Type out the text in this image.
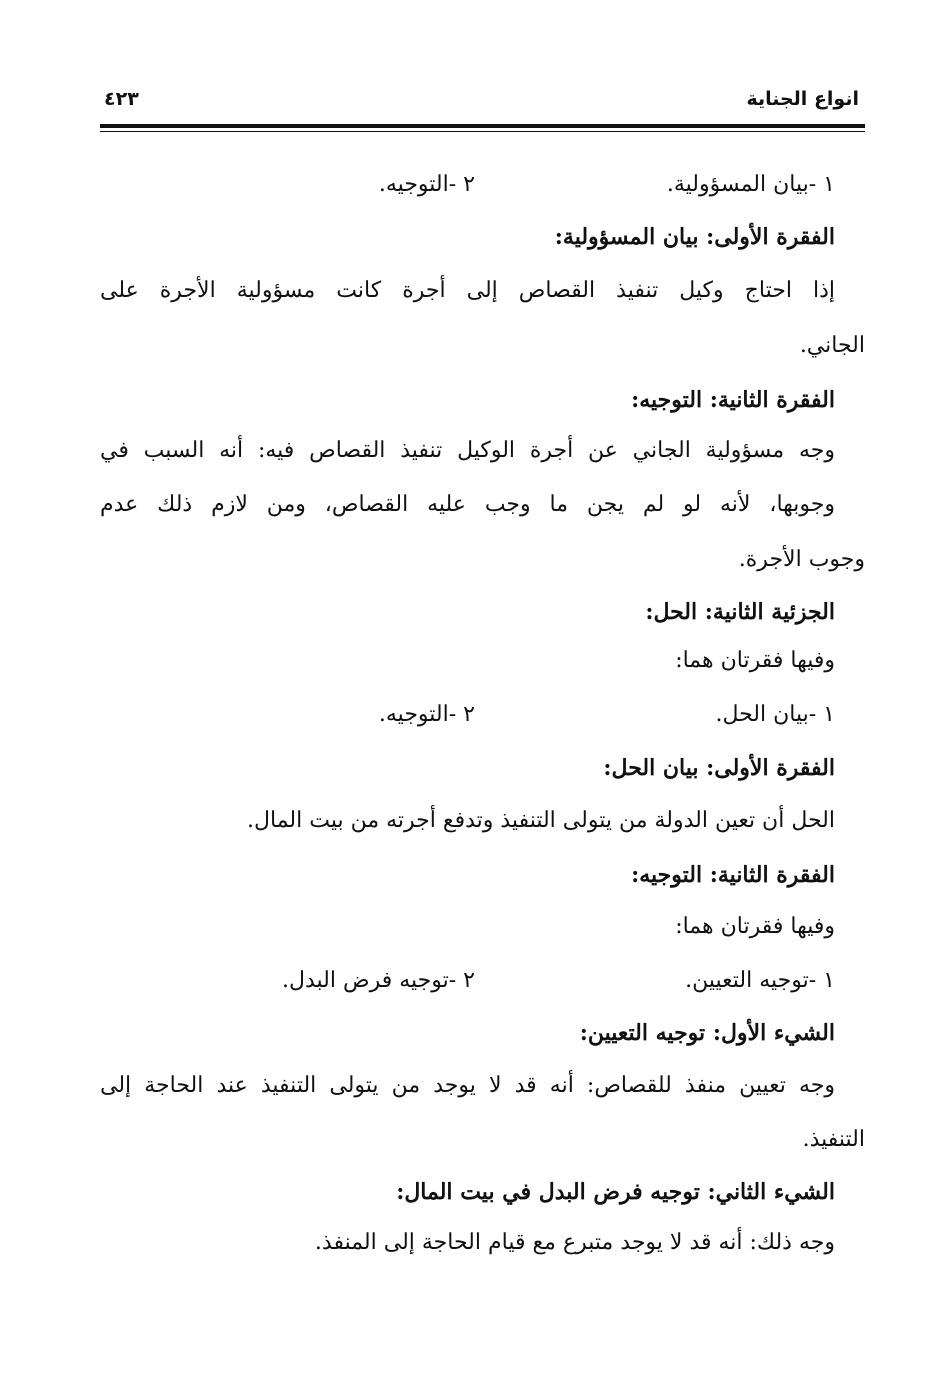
انواع الجناية
٤٢٣
١ -بيان المسؤولية.
٢ -التوجيه.
الفقرة الأولى: بيان المسؤولية:
إذا احتاج وكيل تنفيذ القصاص إلى أجرة كانت مسؤولية الأجرة على
الجاني.
الفقرة الثانية: التوجيه:
وجه مسؤولية الجاني عن أجرة الوكيل تنفيذ القصاص فيه: أنه السبب في
وجوبها، لأنه لو لم يجن ما وجب عليه القصاص، ومن لازم ذلك عدم
وجوب الأجرة.
الجزئية الثانية: الحل:
وفيها فقرتان هما:
١ -بيان الحل.
٢ -التوجيه.
الفقرة الأولى: بيان الحل:
الحل أن تعين الدولة من يتولى التنفيذ وتدفع أجرته من بيت المال.
الفقرة الثانية: التوجيه:
وفيها فقرتان هما:
١ -توجيه التعيين.
٢ -توجيه فرض البدل.
الشيء الأول: توجيه التعيين:
وجه تعيين منفذ للقصاص: أنه قد لا يوجد من يتولى التنفيذ عند الحاجة إلى
التنفيذ.
الشيء الثاني: توجيه فرض البدل في بيت المال:
وجه ذلك: أنه قد لا يوجد متبرع مع قيام الحاجة إلى المنفذ.
